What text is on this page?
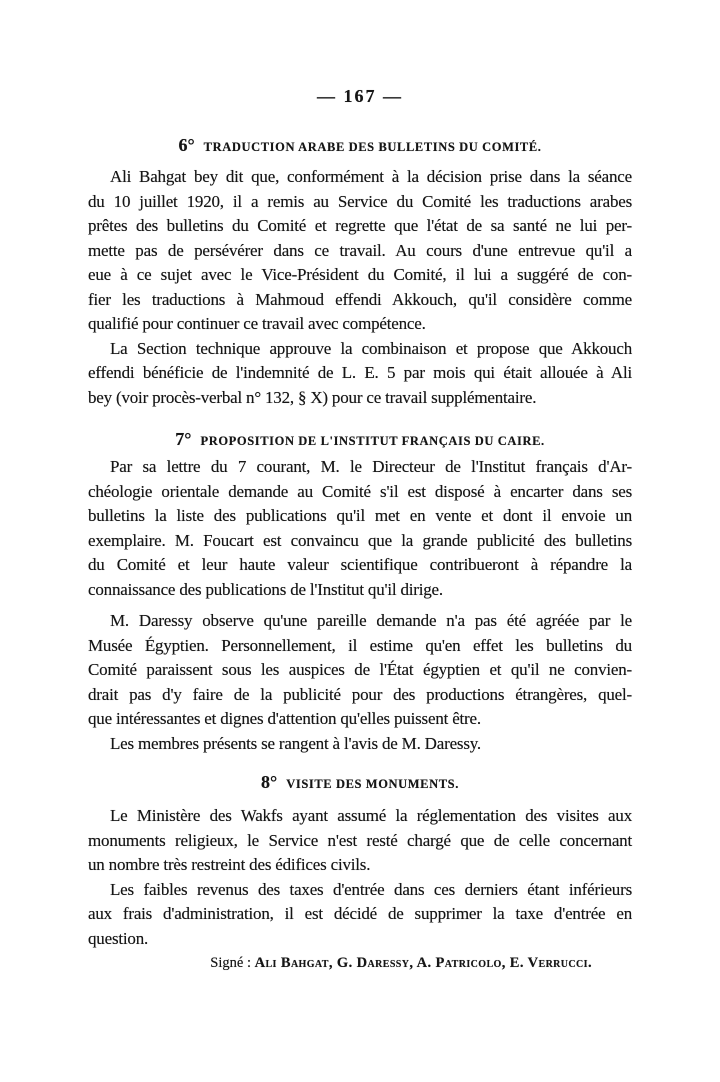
— 167 —
6° TRADUCTION ARABE DES BULLETINS DU COMITÉ.
Ali Bahgat bey dit que, conformément à la décision prise dans la séance
du 10 juillet 1920, il a remis au Service du Comité les traductions arabes
prêtes des bulletins du Comité et regrette que l'état de sa santé ne lui per-
mette pas de persévérer dans ce travail. Au cours d'une entrevue qu'il a
eue à ce sujet avec le Vice-Président du Comité, il lui a suggéré de con-
fier les traductions à Mahmoud effendi Akkouch, qu'il considère comme
qualifié pour continuer ce travail avec compétence.
La Section technique approuve la combinaison et propose que Akkouch
effendi bénéficie de l'indemnité de L. E. 5 par mois qui était allouée à Ali
bey (voir procès-verbal n° 132, § X) pour ce travail supplémentaire.
7° PROPOSITION DE L'INSTITUT FRANÇAIS DU CAIRE.
Par sa lettre du 7 courant, M. le Directeur de l'Institut français d'Ar-
chéologie orientale demande au Comité s'il est disposé à encarter dans ses
bulletins la liste des publications qu'il met en vente et dont il envoie un
exemplaire. M. Foucart est convaincu que la grande publicité des bulletins
du Comité et leur haute valeur scientifique contribueront à répandre la
connaissance des publications de l'Institut qu'il dirige.
M. Daressy observe qu'une pareille demande n'a pas été agréée par le
Musée Égyptien. Personnellement, il estime qu'en effet les bulletins du
Comité paraissent sous les auspices de l'État égyptien et qu'il ne convien-
drait pas d'y faire de la publicité pour des productions étrangères, quel-
que intéressantes et dignes d'attention qu'elles puissent être.
Les membres présents se rangent à l'avis de M. Daressy.
8° VISITE DES MONUMENTS.
Le Ministère des Wakfs ayant assumé la réglementation des visites aux
monuments religieux, le Service n'est resté chargé que de celle concernant
un nombre très restreint des édifices civils.
Les faibles revenus des taxes d'entrée dans ces derniers étant inférieurs
aux frais d'administration, il est décidé de supprimer la taxe d'entrée en
question.
Signé : Ali Bahgat, G. Daressy, A. Patricolo, E. Verrucci.
